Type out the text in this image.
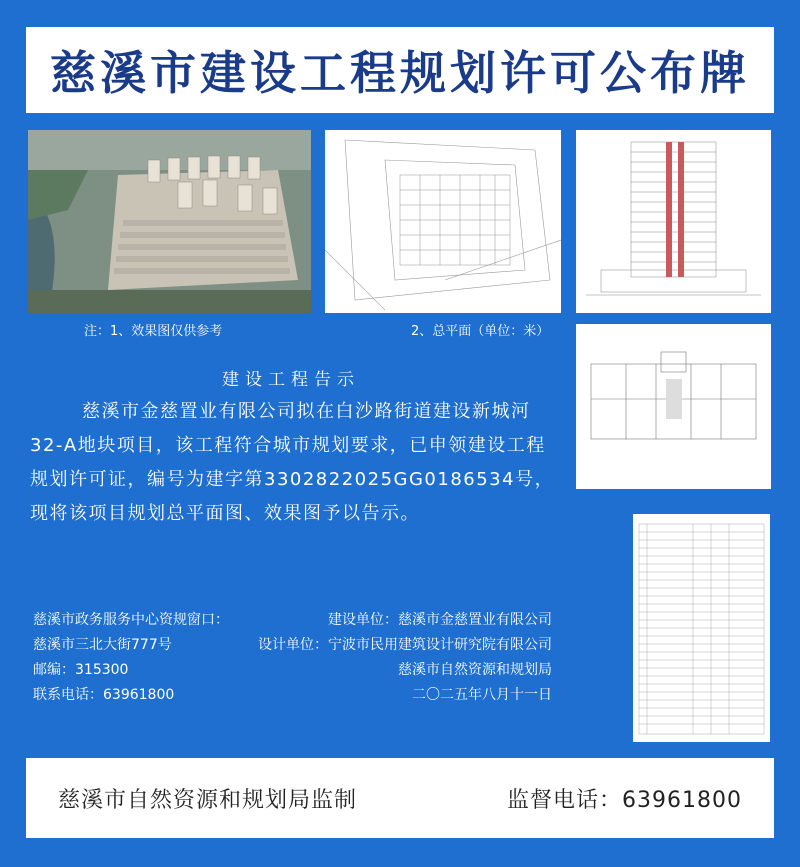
慈溪市建设工程规划许可公布牌
注：1、效果图仅供参考	2、总平面（单位：米）
建设工程告示
慈溪市金慈置业有限公司拟在白沙路街道建设新城河32-A地块项目，该工程符合城市规划要求，已申领建设工程规划许可证，编号为建字第3302822025GG0186534号，现将该项目规划总平面图、效果图予以告示。
慈溪市政务服务中心资规窗口：
慈溪市三北大街777号
邮编：315300
联系电话：63961800
建设单位：慈溪市金慈置业有限公司
设计单位：宁波市民用建筑设计研究院有限公司
慈溪市自然资源和规划局
二〇二五年八月十一日
慈溪市自然资源和规划局监制	监督电话：63961800
